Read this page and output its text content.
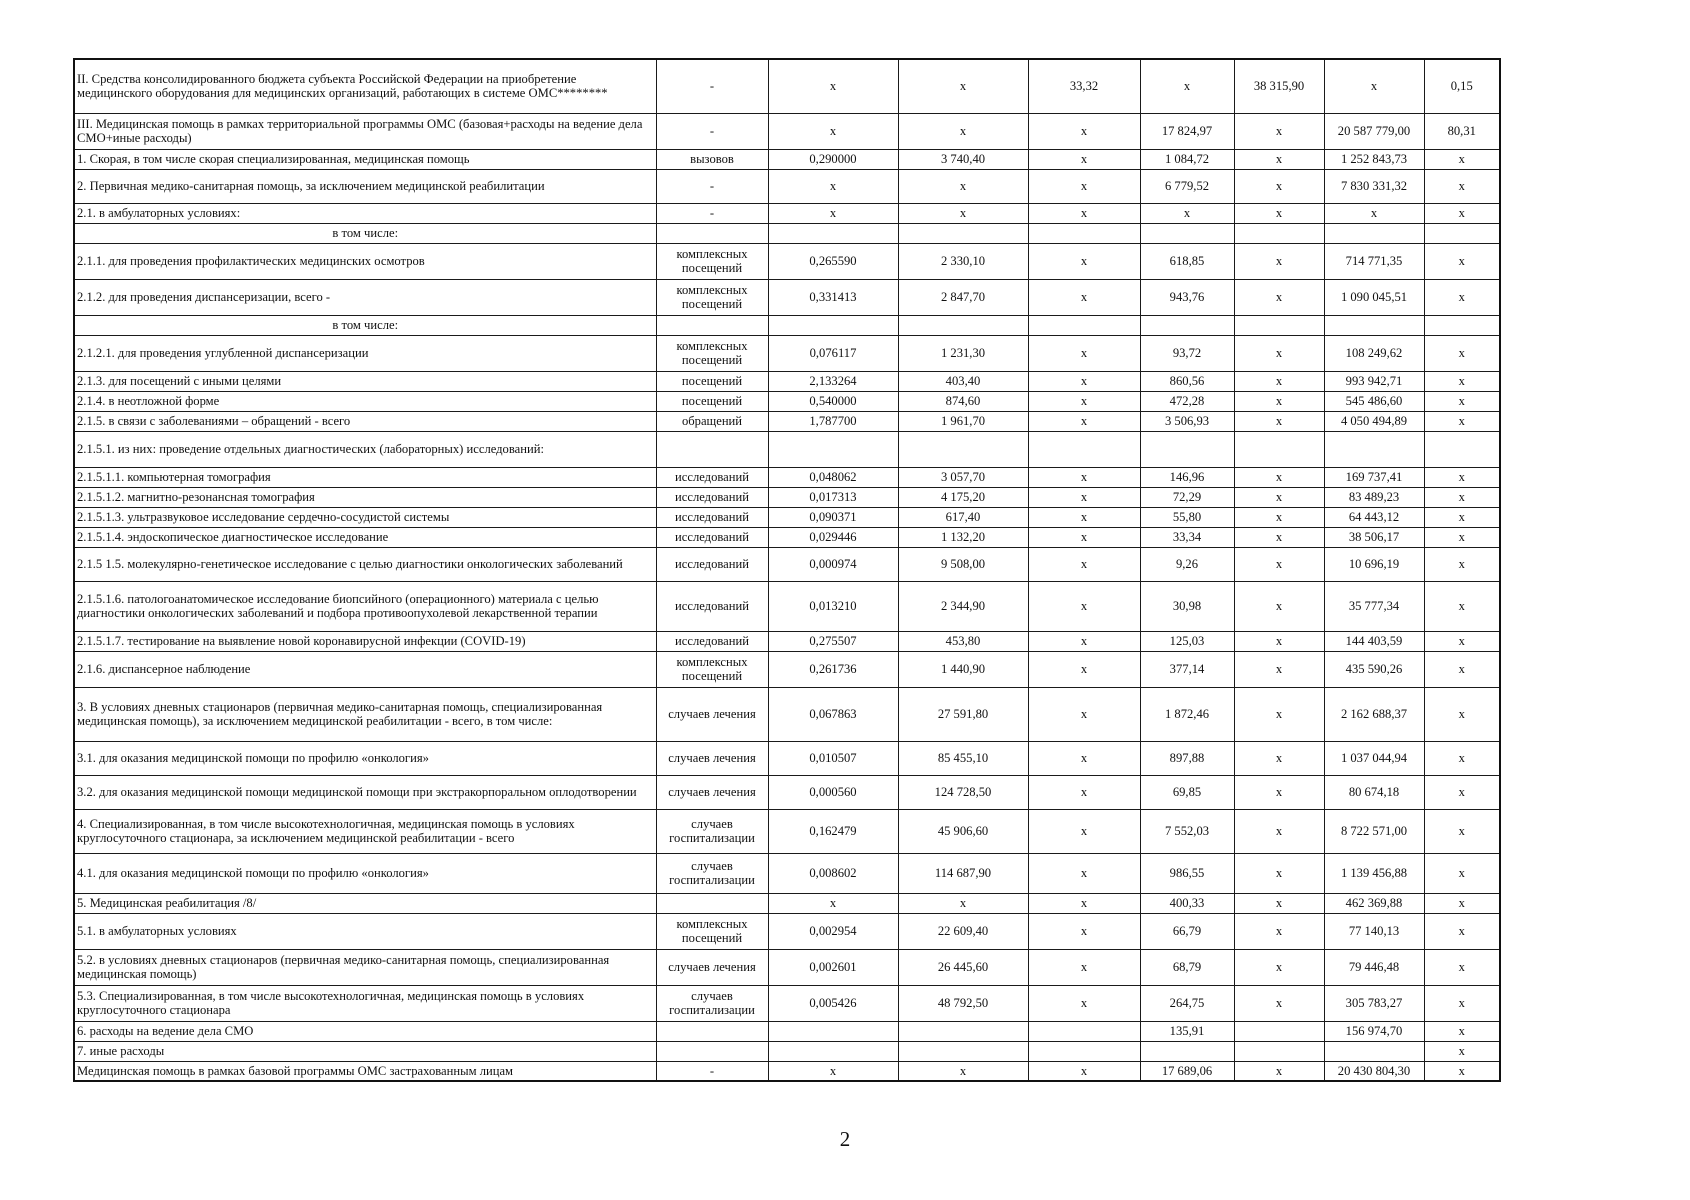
II. Средства консолидированного бюджета субъекта Российской Федерации на приобретение медицинского оборудования для медицинских организаций, работающих в системе ОМС********	-	x	x	33,32	x	38 315,90	x	0,15
III. Медицинская помощь в рамках территориальной программы ОМС (базовая+расходы на ведение дела СМО+иные расходы)	-	x	x	x	17 824,97	x	20 587 779,00	80,31
1. Скорая, в том числе скорая специализированная, медицинская помощь	вызовов	0,290000	3 740,40	x	1 084,72	x	1 252 843,73	x
2. Первичная медико-санитарная помощь, за исключением медицинской реабилитации	-	x	x	x	6 779,52	x	7 830 331,32	x
2.1. в амбулаторных условиях:	-	x	x	x	x	x	x	x
в том числе:								
2.1.1. для проведения профилактических медицинских осмотров	комплексных посещений	0,265590	2 330,10	x	618,85	x	714 771,35	x
2.1.2. для проведения диспансеризации, всего -	комплексных посещений	0,331413	2 847,70	x	943,76	x	1 090 045,51	x
в том числе:								
2.1.2.1. для проведения углубленной диспансеризации	комплексных посещений	0,076117	1 231,30	x	93,72	x	108 249,62	x
2.1.3. для посещений с иными целями	посещений	2,133264	403,40	x	860,56	x	993 942,71	x
2.1.4. в неотложной форме	посещений	0,540000	874,60	x	472,28	x	545 486,60	x
2.1.5. в связи с заболеваниями – обращений - всего	обращений	1,787700	1 961,70	x	3 506,93	x	4 050 494,89	x
2.1.5.1. из них: проведение отдельных диагностических (лабораторных) исследований:								
2.1.5.1.1. компьютерная томография	исследований	0,048062	3 057,70	x	146,96	x	169 737,41	x
2.1.5.1.2. магнитно-резонансная томография	исследований	0,017313	4 175,20	x	72,29	x	83 489,23	x
2.1.5.1.3. ультразвуковое исследование сердечно-сосудистой системы	исследований	0,090371	617,40	x	55,80	x	64 443,12	x
2.1.5.1.4. эндоскопическое диагностическое исследование	исследований	0,029446	1 132,20	x	33,34	x	38 506,17	x
2.1.5 1.5. молекулярно-генетическое исследование с целью диагностики онкологических заболеваний	исследований	0,000974	9 508,00	x	9,26	x	10 696,19	x
2.1.5.1.6. патологоанатомическое исследование биопсийного (операционного) материала с целью диагностики онкологических заболеваний и подбора противоопухолевой лекарственной терапии	исследований	0,013210	2 344,90	x	30,98	x	35 777,34	x
2.1.5.1.7. тестирование на выявление новой коронавирусной инфекции (COVID-19)	исследований	0,275507	453,80	x	125,03	x	144 403,59	x
2.1.6. диспансерное наблюдение	комплексных посещений	0,261736	1 440,90	x	377,14	x	435 590,26	x
3. В условиях дневных стационаров (первичная медико-санитарная помощь, специализированная медицинская помощь), за исключением медицинской реабилитации - всего, в том числе:	случаев лечения	0,067863	27 591,80	x	1 872,46	x	2 162 688,37	x
3.1. для оказания медицинской помощи по профилю «онкология»	случаев лечения	0,010507	85 455,10	x	897,88	x	1 037 044,94	x
3.2. для оказания медицинской помощи медицинской помощи при экстракорпоральном оплодотворении	случаев лечения	0,000560	124 728,50	x	69,85	x	80 674,18	x
4. Специализированная, в том числе высокотехнологичная, медицинская помощь в условиях круглосуточного стационара, за исключением медицинской реабилитации - всего	случаев госпитализации	0,162479	45 906,60	x	7 552,03	x	8 722 571,00	x
4.1. для оказания медицинской помощи по профилю «онкология»	случаев госпитализации	0,008602	114 687,90	x	986,55	x	1 139 456,88	x
5. Медицинская реабилитация /8/		x	x	x	400,33	x	462 369,88	x
5.1. в амбулаторных условиях	комплексных посещений	0,002954	22 609,40	x	66,79	x	77 140,13	x
5.2. в условиях дневных стационаров (первичная медико-санитарная помощь, специализированная медицинская помощь)	случаев лечения	0,002601	26 445,60	x	68,79	x	79 446,48	x
5.3. Специализированная, в том числе высокотехнологичная, медицинская помощь в условиях круглосуточного стационара	случаев госпитализации	0,005426	48 792,50	x	264,75	x	305 783,27	x
6. расходы на ведение дела СМО					135,91		156 974,70	x
7. иные расходы								x
Медицинская помощь в рамках базовой программы ОМС застрахованным лицам	-	x	x	x	17 689,06	x	20 430 804,30	x
2
